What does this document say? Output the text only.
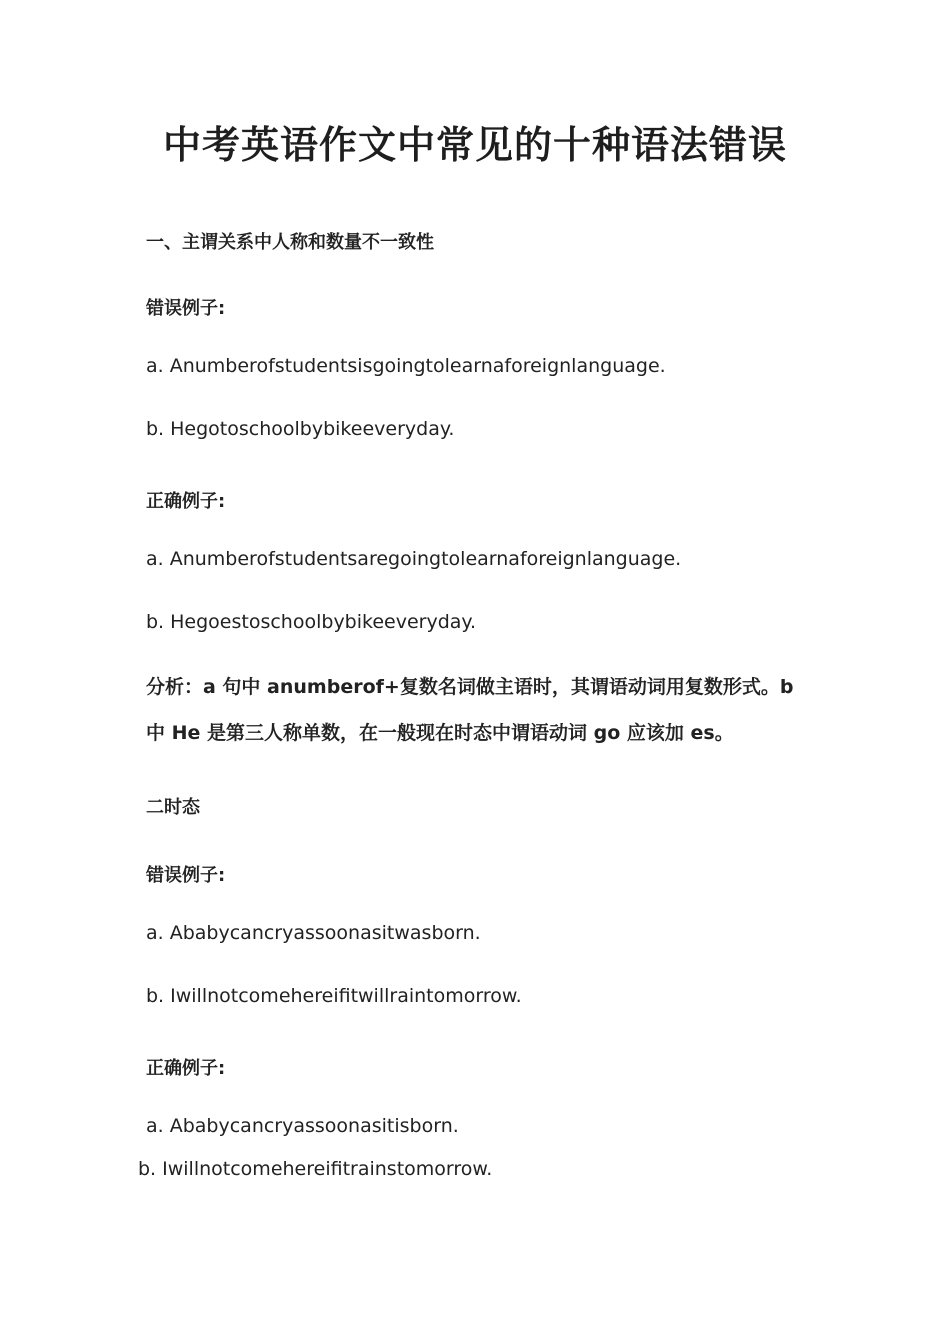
中考英语作文中常见的十种语法错误
一、主谓关系中人称和数量不一致性
错误例子:
a. Anumberofstudentsisgoingtolearnaforeignlanguage.
b. Hegotoschoolbybikeeveryday.
正确例子:
a. Anumberofstudentsaregoingtolearnaforeignlanguage.
b. Hegoestoschoolbybikeeveryday.
分析：a 句中 anumberof+复数名词做主语时，其谓语动词用复数形式。b
中 He 是第三人称单数，在一般现在时态中谓语动词 go 应该加 es。
二时态
错误例子:
a. Ababycancryassoonasitwasborn.
b. Iwillnotcomehereifitwillraintomorrow.
正确例子:
a. Ababycancryassoonasitisborn.
b. Iwillnotcomehereifitrainstomorrow.
